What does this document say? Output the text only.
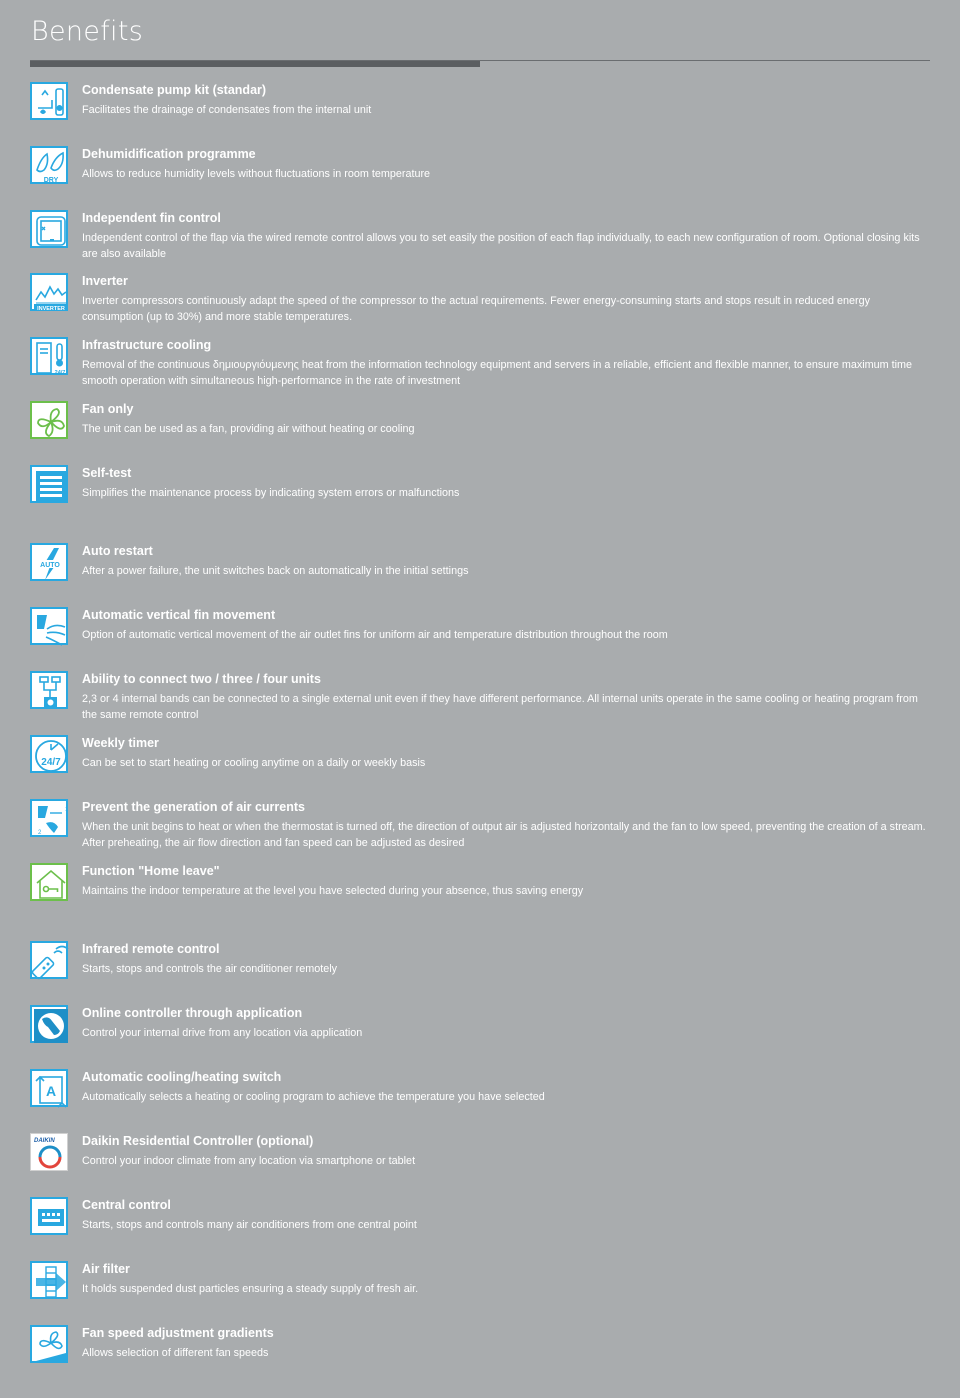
Benefits
Condensate pump kit (standar)
Facilitates the drainage of condensates from the internal unit
DRY
Dehumidification programme
Allows to reduce humidity levels without fluctuations in room temperature
Independent fin control
Independent control of the flap via the wired remote control allows you to set easily the position of each flap individually, to each new configuration of room. Optional closing kits are also available
INVERTER
Inverter
Inverter compressors continuously adapt the speed of the compressor to the actual requirements. Fewer energy-consuming starts and stops result in reduced energy consumption (up to 30%) and more stable temperatures.
24/7
Infrastructure cooling
Removal of the continuous δημιουργιόυμενης heat from the information technology equipment and servers in a reliable, efficient and flexible manner, to ensure maximum time smooth operation with simultaneous high-performance in the rate of investment
Fan only
The unit can be used as a fan, providing air without heating or cooling
Self-test
Simplifies the maintenance process by indicating system errors or malfunctions
AUTO
Auto restart
After a power failure, the unit switches back on automatically in the initial settings
Automatic vertical fin movement
Option of automatic vertical movement of the air outlet fins for uniform air and temperature distribution throughout the room
Ability to connect two / three / four units
2,3 or 4 internal bands can be connected to a single external unit even if they have different performance. All internal units operate in the same cooling or heating program from the same remote control
24/7
Weekly timer
Can be set to start heating or cooling anytime on a daily or weekly basis
1
2
Prevent the generation of air currents
When the unit begins to heat or when the thermostat is turned off, the direction of output air is adjusted horizontally and the fan to low speed, preventing the creation of a stream. After preheating, the air flow direction and fan speed can be adjusted as desired
Function "Home leave"
Maintains the indoor temperature at the level you have selected during your absence, thus saving energy
Infrared remote control
Starts, stops and controls the air conditioner remotely
Online controller through application
Control your internal drive from any location via application
A
Automatic cooling/heating switch
Automatically selects a heating or cooling program to achieve the temperature you have selected
DAIKIN Daikin Residential Controller (optional)
Control your indoor climate from any location via smartphone or tablet
Central control
Starts, stops and controls many air conditioners from one central point
Air filter
It holds suspended dust particles ensuring a steady supply of fresh air.
Fan speed adjustment gradients
Allows selection of different fan speeds
